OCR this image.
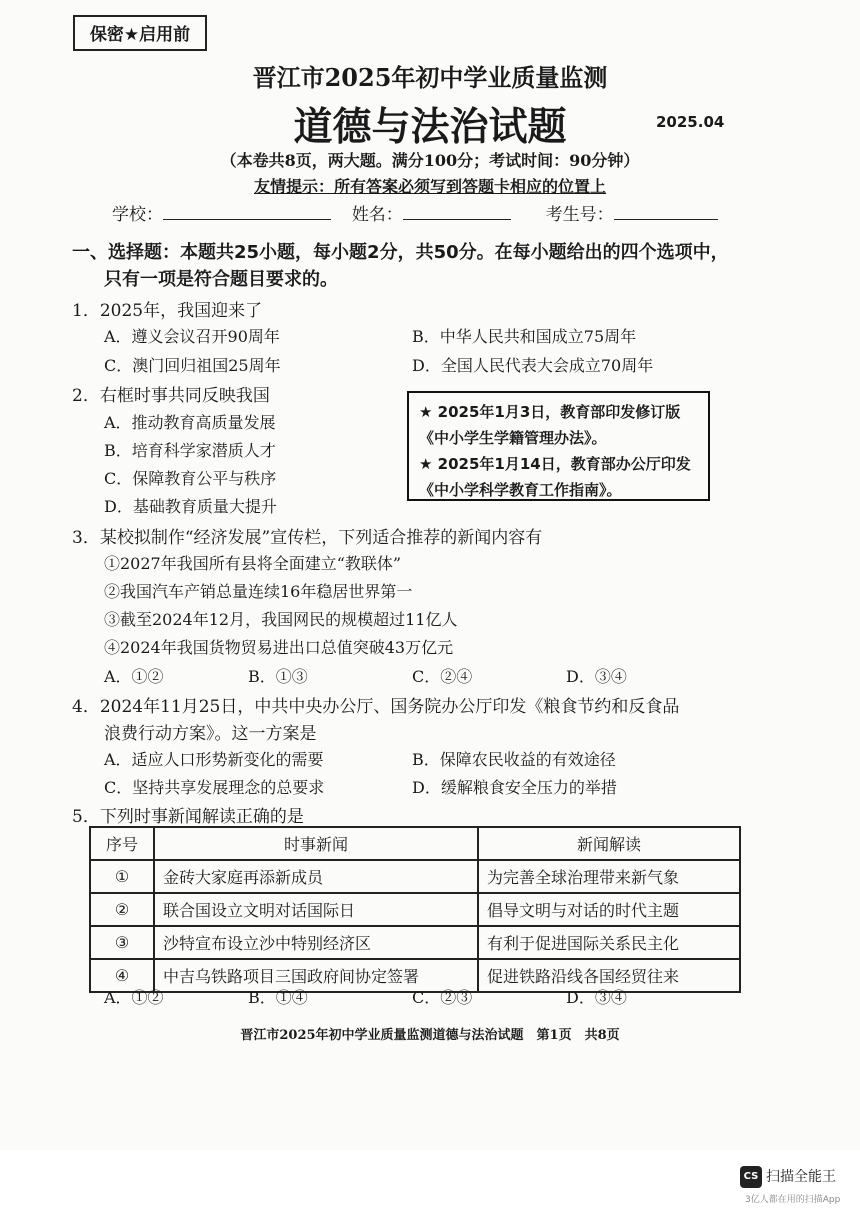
保密★启用前
晋江市2025年初中学业质量监测
道德与法治试题	2025.04
（本卷共8页，两大题。满分100分；考试时间：90分钟）
友情提示：所有答案必须写到答题卡相应的位置上
学校：	姓名：	考生号：
一、选择题：本题共25小题，每小题2分，共50分。在每小题给出的四个选项中，
只有一项是符合题目要求的。
1．2025年，我国迎来了
A．遵义会议召开90周年	B．中华人民共和国成立75周年
C．澳门回归祖国25周年	D．全国人民代表大会成立70周年
2．右框时事共同反映我国
A．推动教育高质量发展
B．培育科学家潜质人才
C．保障教育公平与秩序
D．基础教育质量大提升
★ 2025年1月3日，教育部印发修订版
《中小学生学籍管理办法》。
★ 2025年1月14日，教育部办公厅印发
《中小学科学教育工作指南》。
3．某校拟制作“经济发展”宣传栏，下列适合推荐的新闻内容有
①2027年我国所有县将全面建立“教联体”
②我国汽车产销总量连续16年稳居世界第一
③截至2024年12月，我国网民的规模超过11亿人
④2024年我国货物贸易进出口总值突破43万亿元
A．①②	B．①③	C．②④	D．③④
4．2024年11月25日，中共中央办公厅、国务院办公厅印发《粮食节约和反食品
浪费行动方案》。这一方案是
A．适应人口形势新变化的需要	B．保障农民收益的有效途径
C．坚持共享发展理念的总要求	D．缓解粮食安全压力的举措
5．下列时事新闻解读正确的是
序号	时事新闻	新闻解读
①	金砖大家庭再添新成员	为完善全球治理带来新气象
②	联合国设立文明对话国际日	倡导文明与对话的时代主题
③	沙特宣布设立沙中特别经济区	有利于促进国际关系民主化
④	中吉乌铁路项目三国政府间协定签署	促进铁路沿线各国经贸往来
A．①②	B．①④	C．②③	D．③④
晋江市2025年初中学业质量监测道德与法治试题　第1页　共8页
CS 扫描全能王
3亿人都在用的扫描App
